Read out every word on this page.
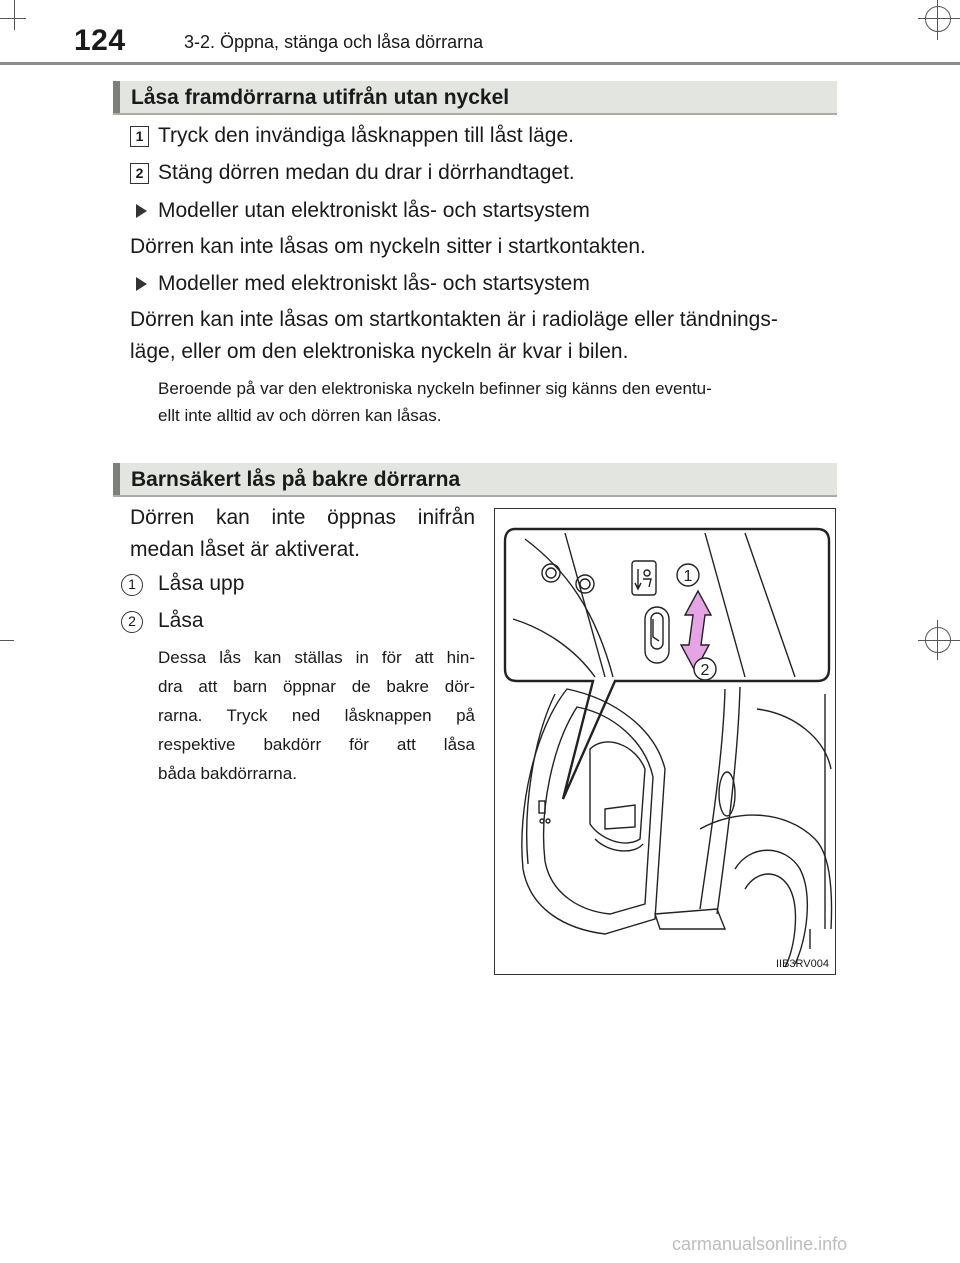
124	3-2. Öppna, stänga och låsa dörrarna
Låsa framdörrarna utifrån utan nyckel
1 Tryck den invändiga låsknappen till låst läge.
2 Stäng dörren medan du drar i dörrhandtaget.
Modeller utan elektroniskt lås- och startsystem
Dörren kan inte låsas om nyckeln sitter i startkontakten.
Modeller med elektroniskt lås- och startsystem
Dörren kan inte låsas om startkontakten är i radioläge eller tändnings-
läge, eller om den elektroniska nyckeln är kvar i bilen.
Beroende på var den elektroniska nyckeln befinner sig känns den eventu-
ellt inte alltid av och dörren kan låsas.
Barnsäkert lås på bakre dörrarna
Dörren kan inte öppnas inifrån
medan låset är aktiverat.
1	Låsa upp
2	Låsa
Dessa lås kan ställas in för att hin-
dra att barn öppnar de bakre dör-
rarna. Tryck ned låsknappen på
respektive bakdörr för att låsa
båda bakdörrarna.
1
2
IIB3RV004
carmanualsonline.info
